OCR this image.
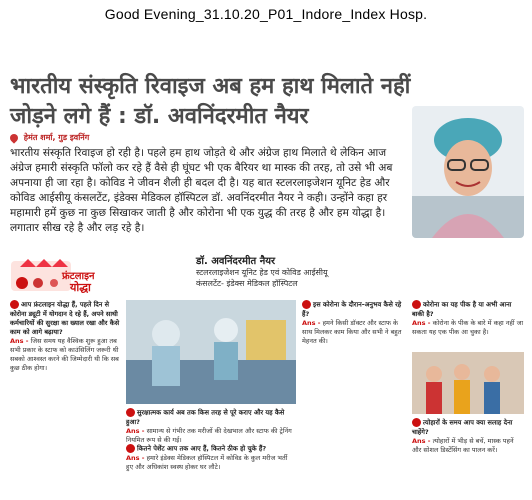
Good Evening_31.10.20_P01_Indore_Index Hosp.
भारतीय संस्कृति रिवाइज अब हम हाथ मिलाते नहीं
जोड़ने लगे हैं : डॉ. अवनिंदरमीत नैयर
हेमंत शर्मा, गुड इवनिंग
भारतीय संस्कृति रिवाइज हो रही है। पहले हम हाथ जोड़ते थे और अंग्रेज हाथ मिलाते थे लेकिन आज अंग्रेज हमारी संस्कृति फॉलो कर रहे हैं वैसे ही घूंघट भी एक बैरियर था मास्क की तरह, तो उसे भी अब अपनाया ही जा रहा है। कोविड ने जीवन शैली ही बदल दी है। यह बात स्टलरलाइजेशन यूनिट हेड और कोविड आईसीयू कंसलटेंट, इंडेक्स मेडिकल हॉस्पिटल डॉ. अवनिंदरमीत नैयर ने कही। उन्होंने कहा हर महामारी हमें कुछ ना कुछ सिखाकर जाती है और कोरोना भी एक युद्ध की तरह है और हम योद्धा है। लगातार सीख रहे है और लड़ रहे है।
फ्रंटलाइन
योद्धा
डॉ. अवनिंदरमीत नैयर
स्टलरलाइजेशन यूनिट हेड एवं कोविड आईसीयू
कंसलटेंट- इंडेक्स मेडिकल हॉस्पिटल
आप फ्रंटलाइन योद्धा हैं, पहले दिन से कोरोना ड्यूटी में योगदान दे रहे हैं, अपने साथी कर्मचारियों की सुरक्षा का ख्याल रखा और कैसे काम को आगे बढ़ाया?
Ans - जिस समय यह वैश्विक शुरू हुआ तब सभी प्रकार के स्टाफ को काउंसिलिंग जरूरी थी सबको आश्वस्त करने की जिम्मेदारी थी कि सब कुछ ठीक होगा।
सुरक्षात्मक कार्य अब तक किस तरह से पूरे कराए और यह कैसे हुआ?
Ans - सामान्य से गंभीर तक मरीजों की देखभाल और स्टाफ की ट्रेनिंग नियमित रूप से की गई।
कितने पेशेंट आप तक आए हैं, कितने ठीक हो चुके हैं?
Ans - हमारे इंडेक्स मेडिकल हॉस्पिटल में कोविड के कुल मरीज भर्ती हुए और अधिकांश स्वस्थ होकर घर लौटे।
इस कोरोना के दौरान-अनुभव कैसे रहे हैं?
Ans - हमने किसी डॉक्टर और स्टाफ के साथ मिलकर काम किया और सभी ने बहुत मेहनत की।
कोरोना का यह पीक है या अभी आना बाकी है?
Ans - कोरोना के पीक के बारे में कहा नहीं जा सकता यह एक पीक आ चुका है।
त्योहारों के समय आप क्या सलाह देना चाहेंगे?
Ans - त्योहारों में भीड़ से बचें, मास्क पहनें और सोशल डिस्टेंसिंग का पालन करें।
